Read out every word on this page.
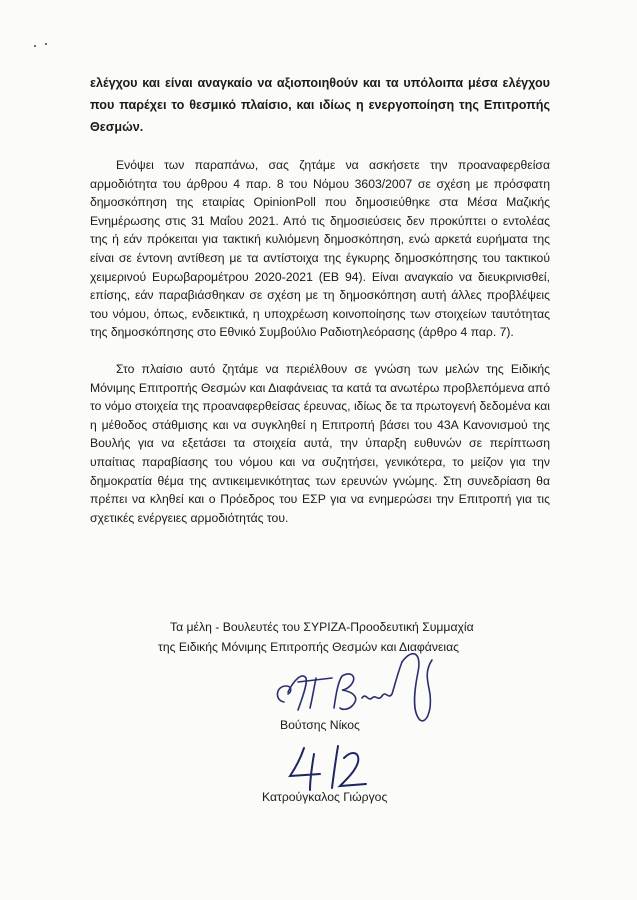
ελέγχου και είναι αναγκαίο να αξιοποιηθούν και τα υπόλοιπα μέσα ελέγχου που παρέχει το θεσμικό πλαίσιο, και ιδίως η ενεργοποίηση της Επιτροπής Θεσμών.

Ενόψει των παραπάνω, σας ζητάμε να ασκήσετε την προαναφερθείσα αρμοδιότητα του άρθρου 4 παρ. 8 του Νόμου 3603/2007 σε σχέση με πρόσφατη δημοσκόπηση της εταιρίας OpinionPoll που δημοσιεύθηκε στα Μέσα Μαζικής Ενημέρωσης στις 31 Μαΐου 2021. Από τις δημοσιεύσεις δεν προκύπτει ο εντολέας της ή εάν πρόκειται για τακτική κυλιόμενη δημοσκόπηση, ενώ αρκετά ευρήματα της είναι σε έντονη αντίθεση με τα αντίστοιχα της έγκυρης δημοσκόπησης του τακτικού χειμερινού Ευρωβαρομέτρου 2020-2021 (ΕΒ 94). Είναι αναγκαίο να διευκρινισθεί, επίσης, εάν παραβιάσθηκαν σε σχέση με τη δημοσκόπηση αυτή άλλες προβλέψεις του νόμου, όπως, ενδεικτικά, η υποχρέωση κοινοποίησης των στοιχείων ταυτότητας της δημοσκόπησης στο Εθνικό Συμβούλιο Ραδιοτηλεόρασης (άρθρο 4 παρ. 7).

Στο πλαίσιο αυτό ζητάμε να περιέλθουν σε γνώση των μελών της Ειδικής Μόνιμης Επιτροπής Θεσμών και Διαφάνειας τα κατά τα ανωτέρω προβλεπόμενα από το νόμο στοιχεία της προαναφερθείσας έρευνας, ιδίως δε τα πρωτογενή δεδομένα και η μέθοδος στάθμισης και να συγκληθεί η Επιτροπή βάσει του 43Α Κανονισμού της Βουλής για να εξετάσει τα στοιχεία αυτά, την ύπαρξη ευθυνών σε περίπτωση υπαίτιας παραβίασης του νόμου και να συζητήσει, γενικότερα, το μείζον για την δημοκρατία θέμα της αντικειμενικότητας των ερευνών γνώμης. Στη συνεδρίαση θα πρέπει να κληθεί και ο Πρόεδρος του ΕΣΡ για να ενημερώσει την Επιτροπή για τις σχετικές ενέργειες αρμοδιότητάς του.

Τα μέλη - Βουλευτές του ΣΥΡΙΖΑ-Προοδευτική Συμμαχία
της Ειδικής Μόνιμης Επιτροπής Θεσμών και Διαφάνειας
Βούτσης Νίκος
Κατρούγκαλος Γιώργος
